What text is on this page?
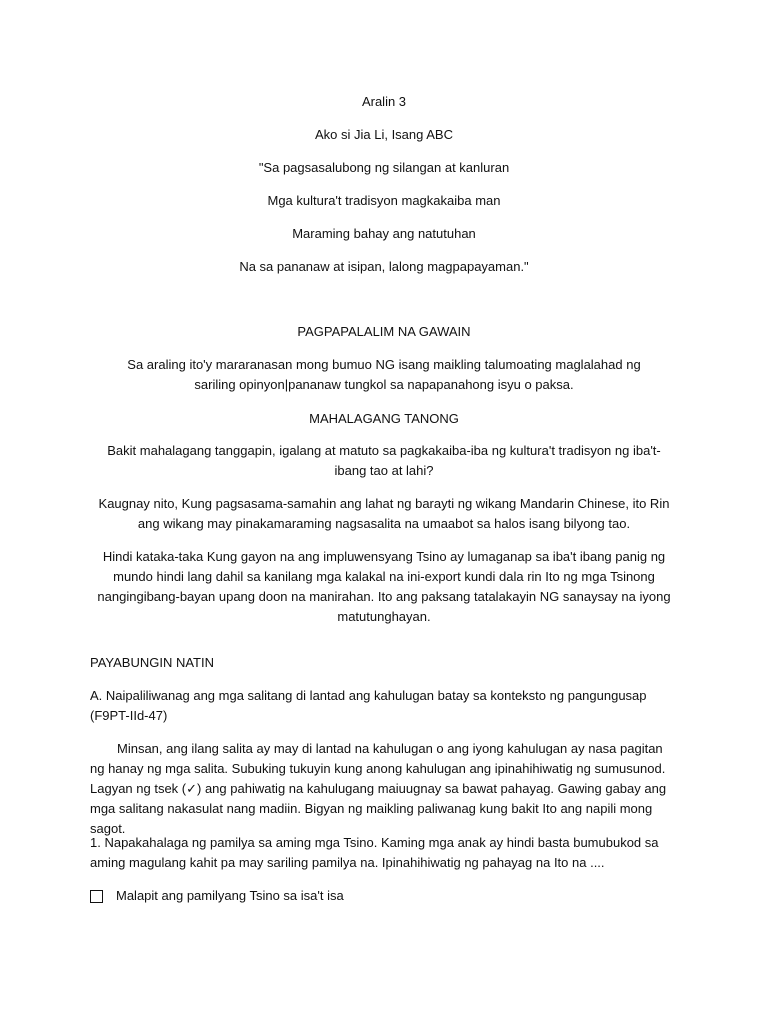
Aralin 3

Ako si Jia Li, Isang ABC

"Sa pagsasalubong ng silangan at kanluran

Mga kultura't tradisyon magkakaiba man

Maraming bahay ang natutuhan

Na sa pananaw at isipan, lalong magpapayaman."

PAGPAPALALIM NA GAWAIN

Sa araling ito'y mararanasan mong bumuo NG isang maikling talumoating maglalahad ng sariling opinyon|pananaw tungkol sa napapanahong isyu o paksa.

MAHALAGANG TANONG

Bakit mahalagang tanggapin, igalang at matuto sa pagkakaiba-iba ng kultura't tradisyon ng iba't-ibang tao at lahi?

Kaugnay nito, Kung pagsasama-samahin ang lahat ng barayti ng wikang Mandarin Chinese, ito Rin ang wikang may pinakamaraming nagsasalita na umaabot sa halos isang bilyong tao.

Hindi kataka-taka Kung gayon na ang impluwensyang Tsino ay lumaganap sa iba't ibang panig ng mundo hindi lang dahil sa kanilang mga kalakal na ini-export kundi dala rin Ito ng mga Tsinong nangingibang-bayan upang doon na manirahan. Ito ang paksang tatalakayin NG sanaysay na iyong matutunghayan.

PAYABUNGIN NATIN

A. Naipaliliwanag ang mga salitang di lantad ang kahulugan batay sa konteksto ng pangungusap (F9PT-IId-47)

Minsan, ang ilang salita ay may di lantad na kahulugan o ang iyong kahulugan ay nasa pagitan ng hanay ng mga salita. Subuking tukuyin kung anong kahulugan ang ipinahihiwatig ng sumusunod. Lagyan ng tsek (✓) ang pahiwatig na kahulugang maiuugnay sa bawat pahayag. Gawing gabay ang mga salitang nakasulat nang madiin. Bigyan ng maikling paliwanag kung bakit Ito ang napili mong sagot.

1. Napakahalaga ng pamilya sa aming mga Tsino. Kaming mga anak ay hindi basta bumubukod sa aming magulang kahit pa may sariling pamilya na. Ipinahihiwatig ng pahayag na Ito na ....

Malapit ang pamilyang Tsino sa isa't isa
